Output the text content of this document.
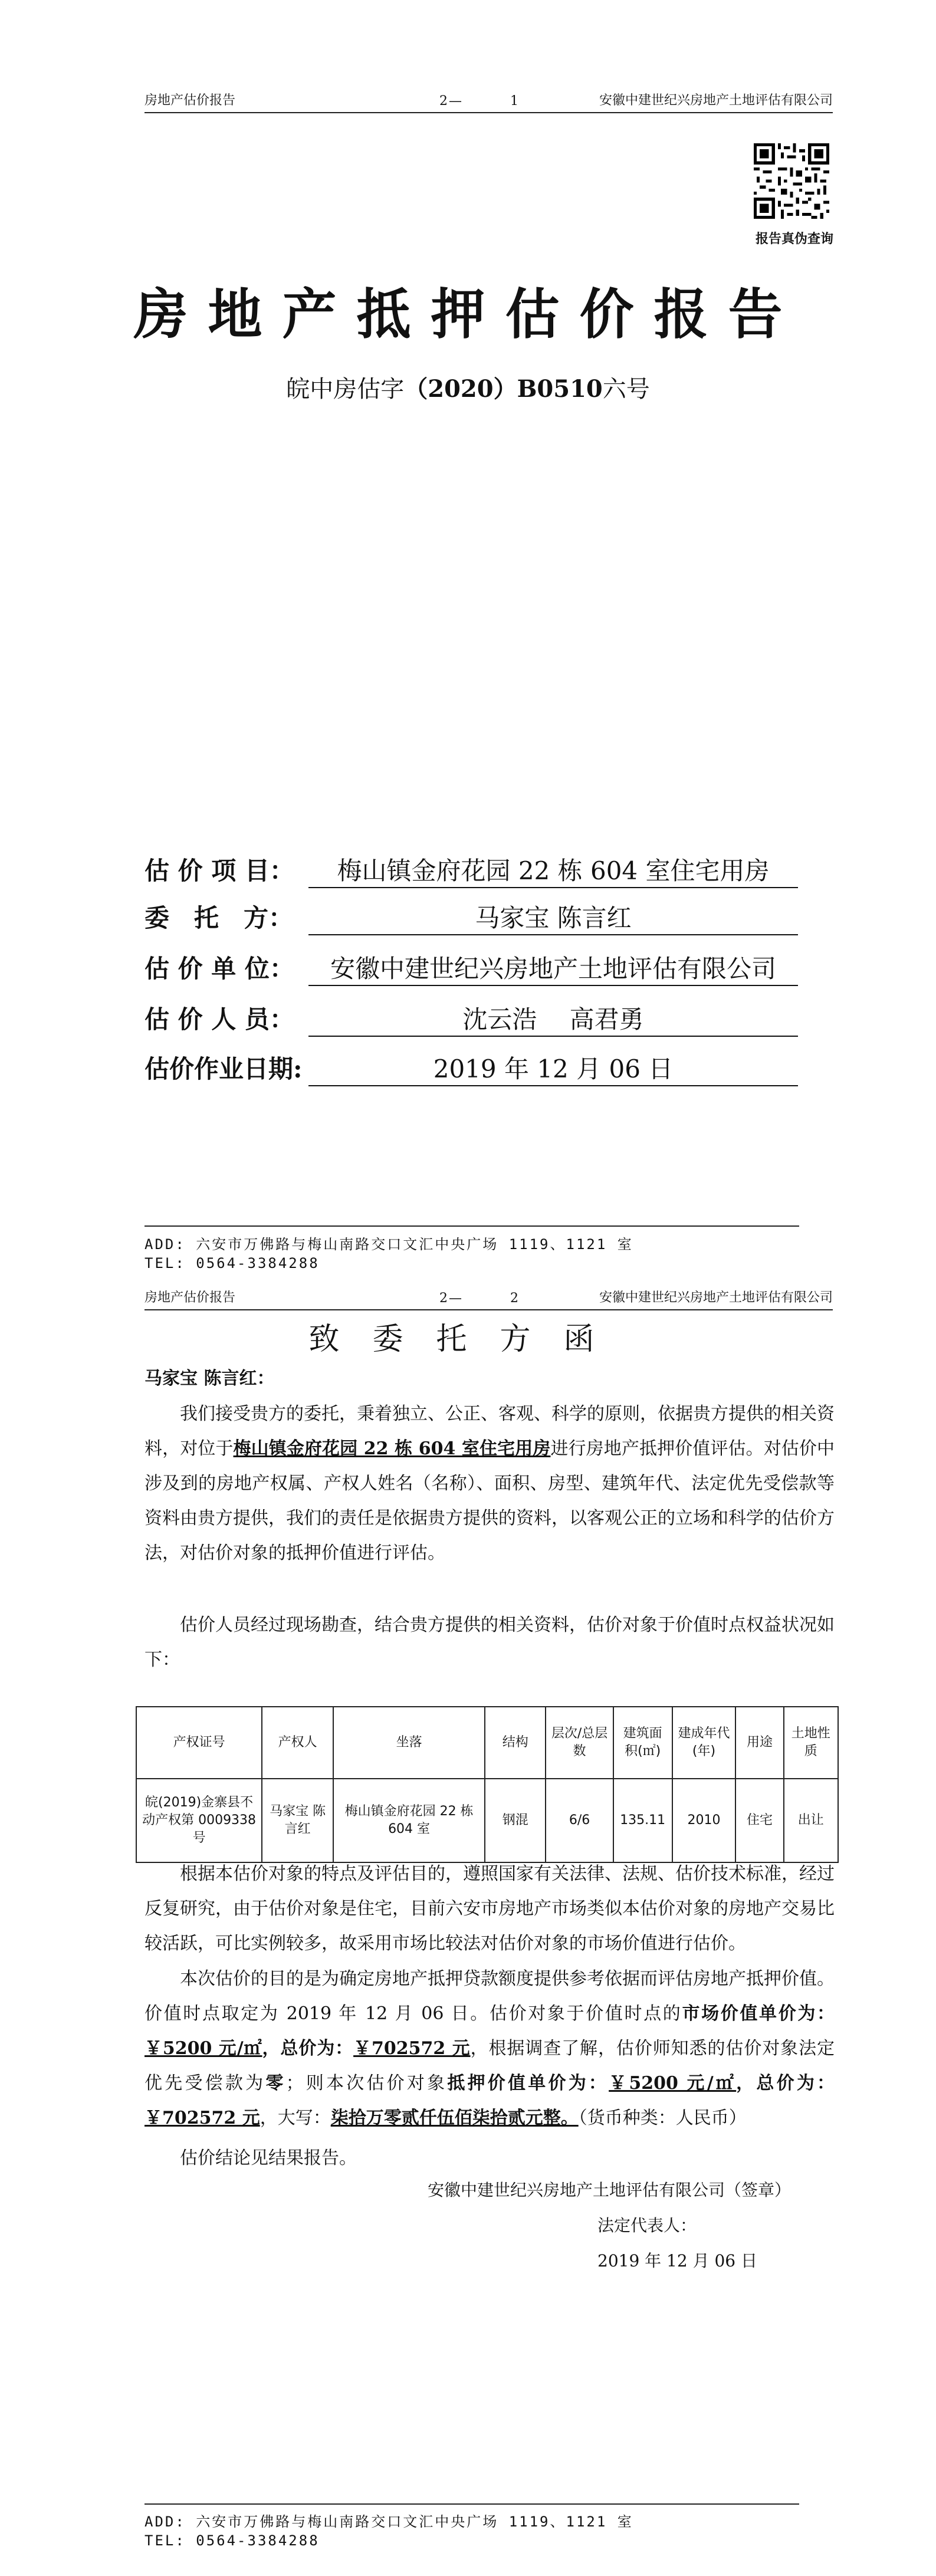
房地产估价报告	2—	1	安徽中建世纪兴房地产土地评估有限公司
报告真伪查询
房地产抵押估价报告
皖中房估字（2020）B0510六号
估 价 项 目：	梅山镇金府花园 22 栋 604 室住宅用房
委　托　方：	马家宝 陈言红
估 价 单 位：	安徽中建世纪兴房地产土地评估有限公司
估 价 人 员：	沈云浩　 高君勇
估价作业日期:	2019 年 12 月 06 日
ADD: 六安市万佛路与梅山南路交口文汇中央广场 1119、1121 室
TEL: 0564-3384288
房地产估价报告	2—	2	安徽中建世纪兴房地产土地评估有限公司
致委托方函
马家宝 陈言红：
我们接受贵方的委托，秉着独立、公正、客观、科学的原则，依据贵方提供的相关资料，对位于梅山镇金府花园 22 栋 604 室住宅用房进行房地产抵押价值评估。对估价中涉及到的房地产权属、产权人姓名（名称）、面积、房型、建筑年代、法定优先受偿款等资料由贵方提供，我们的责任是依据贵方提供的资料，以客观公正的立场和科学的估价方法，对估价对象的抵押价值进行评估。
估价人员经过现场勘查，结合贵方提供的相关资料，估价对象于价值时点权益状况如下：
产权证号	产权人	坐落	结构	层次/总层数	建筑面积(㎡)	建成年代(年)	用途	土地性质
皖(2019)金寨县不动产权第 0009338 号	马家宝 陈言红	梅山镇金府花园 22 栋 604 室	钢混	6/6	135.11	2010	住宅	出让
根据本估价对象的特点及评估目的，遵照国家有关法律、法规、估价技术标准，经过反复研究，由于估价对象是住宅，目前六安市房地产市场类似本估价对象的房地产交易比较活跃，可比实例较多，故采用市场比较法对估价对象的市场价值进行估价。
本次估价的目的是为确定房地产抵押贷款额度提供参考依据而评估房地产抵押价值。价值时点取定为 2019 年 12 月 06 日。估价对象于价值时点的市场价值单价为：￥5200 元/㎡，总价为：￥702572 元，根据调查了解，估价师知悉的估价对象法定优先受偿款为零；则本次估价对象抵押价值单价为：￥5200 元/㎡，总价为：￥702572 元，大写：柒拾万零贰仟伍佰柒拾贰元整。（货币种类：人民币）
估价结论见结果报告。
安徽中建世纪兴房地产土地评估有限公司（签章）
法定代表人：
2019 年 12 月 06 日
ADD: 六安市万佛路与梅山南路交口文汇中央广场 1119、1121 室
TEL: 0564-3384288
